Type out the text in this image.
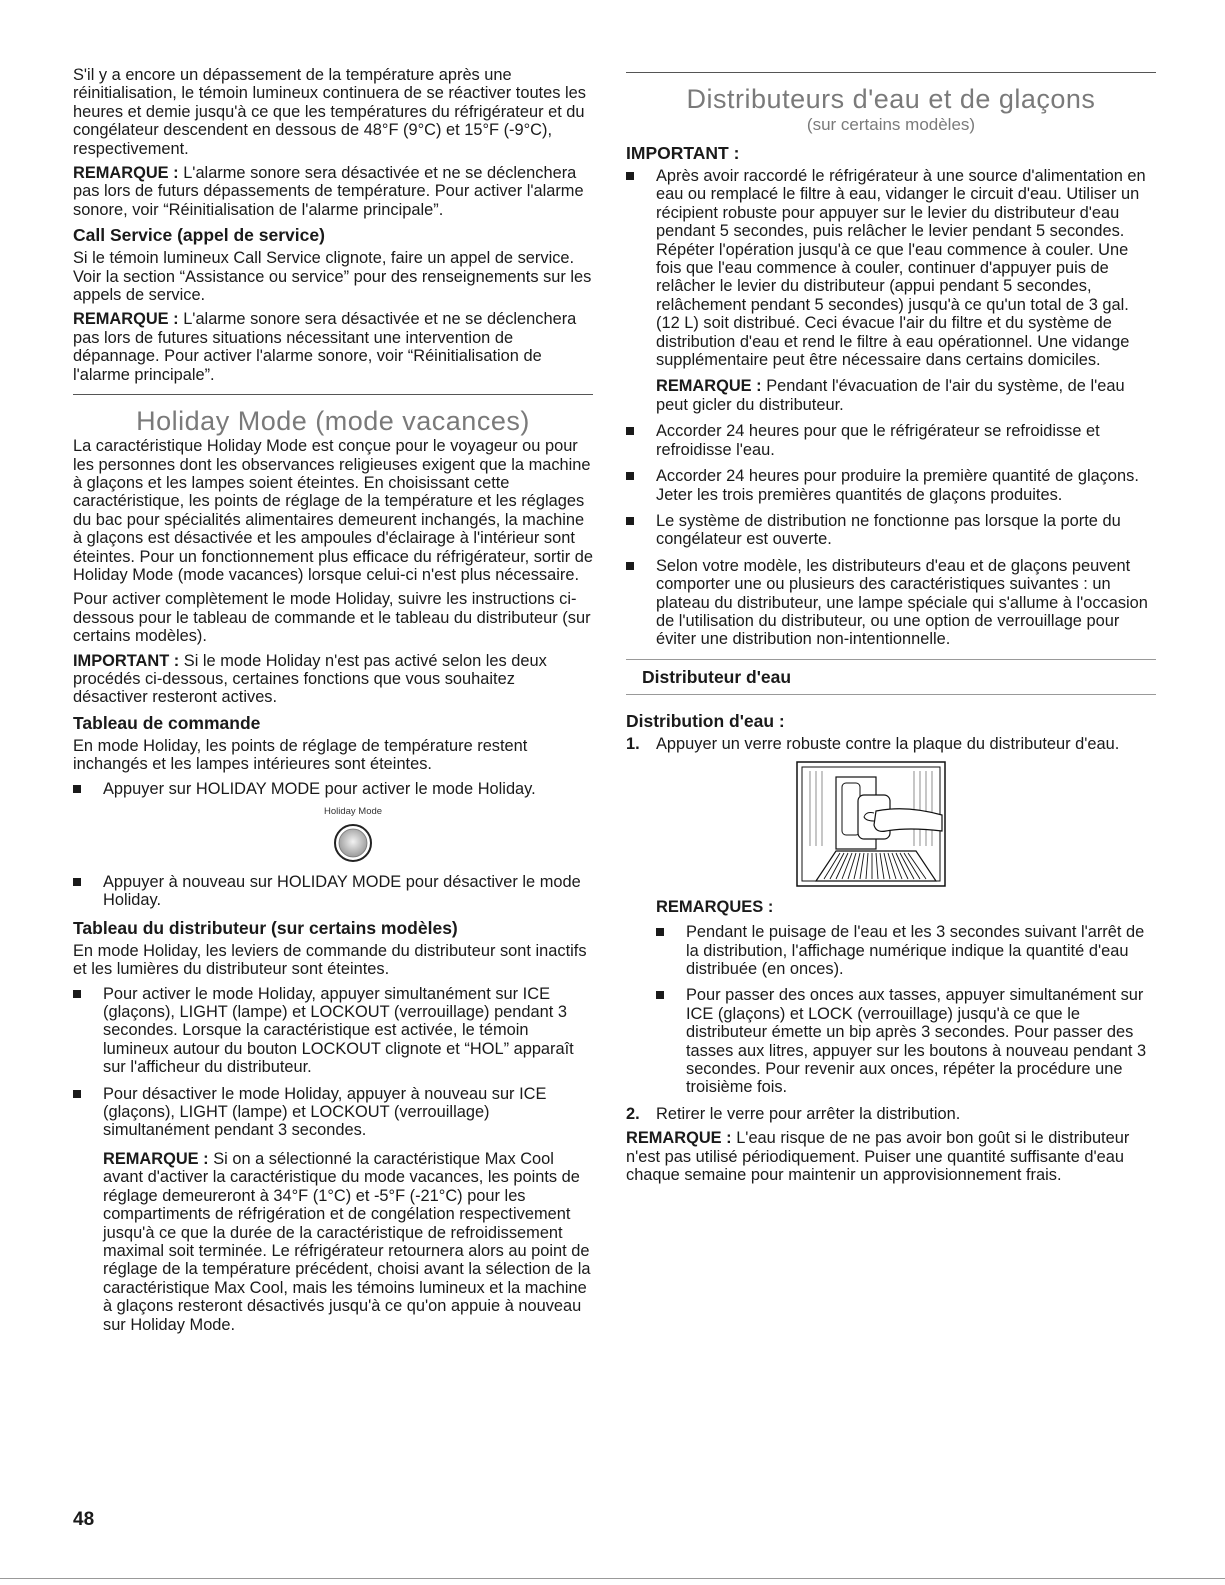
S'il y a encore un dépassement de la température après une réinitialisation, le témoin lumineux continuera de se réactiver toutes les heures et demie jusqu'à ce que les températures du réfrigérateur et du congélateur descendent en dessous de 48°F (9°C) et 15°F (-9°C), respectivement.

REMARQUE : L'alarme sonore sera désactivée et ne se déclenchera pas lors de futurs dépassements de température. Pour activer l'alarme sonore, voir “Réinitialisation de l'alarme principale”.

Call Service (appel de service)

Si le témoin lumineux Call Service clignote, faire un appel de service. Voir la section “Assistance ou service” pour des renseignements sur les appels de service.

REMARQUE : L'alarme sonore sera désactivée et ne se déclenchera pas lors de futures situations nécessitant une intervention de dépannage. Pour activer l'alarme sonore, voir “Réinitialisation de l'alarme principale”.

Holiday Mode (mode vacances)

La caractéristique Holiday Mode est conçue pour le voyageur ou pour les personnes dont les observances religieuses exigent que la machine à glaçons et les lampes soient éteintes. En choisissant cette caractéristique, les points de réglage de la température et les réglages du bac pour spécialités alimentaires demeurent inchangés, la machine à glaçons est désactivée et les ampoules d'éclairage à l'intérieur sont éteintes. Pour un fonctionnement plus efficace du réfrigérateur, sortir de Holiday Mode (mode vacances) lorsque celui-ci n'est plus nécessaire.

Pour activer complètement le mode Holiday, suivre les instructions ci-dessous pour le tableau de commande et le tableau du distributeur (sur certains modèles).

IMPORTANT : Si le mode Holiday n'est pas activé selon les deux procédés ci-dessous, certaines fonctions que vous souhaitez désactiver resteront actives.

Tableau de commande

En mode Holiday, les points de réglage de température restent inchangés et les lampes intérieures sont éteintes.

Appuyer sur HOLIDAY MODE pour activer le mode Holiday.
Holiday Mode
Appuyer à nouveau sur HOLIDAY MODE pour désactiver le mode Holiday.
Tableau du distributeur (sur certains modèles)

En mode Holiday, les leviers de commande du distributeur sont inactifs et les lumières du distributeur sont éteintes.

Pour activer le mode Holiday, appuyer simultanément sur ICE (glaçons), LIGHT (lampe) et LOCKOUT (verrouillage) pendant 3 secondes. Lorsque la caractéristique est activée, le témoin lumineux autour du bouton LOCKOUT clignote et “HOL” apparaît sur l'afficheur du distributeur.
Pour désactiver le mode Holiday, appuyer à nouveau sur ICE (glaçons), LIGHT (lampe) et LOCKOUT (verrouillage) simultanément pendant 3 secondes.
REMARQUE : Si on a sélectionné la caractéristique Max Cool avant d'activer la caractéristique du mode vacances, les points de réglage demeureront à 34°F (1°C) et -5°F (-21°C) pour les compartiments de réfrigération et de congélation respectivement jusqu'à ce que la durée de la caractéristique de refroidissement maximal soit terminée. Le réfrigérateur retournera alors au point de réglage de la température précédent, choisi avant la sélection de la caractéristique Max Cool, mais les témoins lumineux et la machine à glaçons resteront désactivés jusqu'à ce qu'on appuie à nouveau sur Holiday Mode.
Distributeurs d'eau et de glaçons
(sur certains modèles)
IMPORTANT :
Après avoir raccordé le réfrigérateur à une source d'alimentation en eau ou remplacé le filtre à eau, vidanger le circuit d'eau. Utiliser un récipient robuste pour appuyer sur le levier du distributeur d'eau pendant 5 secondes, puis relâcher le levier pendant 5 secondes. Répéter l'opération jusqu'à ce que l'eau commence à couler. Une fois que l'eau commence à couler, continuer d'appuyer puis de relâcher le levier du distributeur (appui pendant 5 secondes, relâchement pendant 5 secondes) jusqu'à ce qu'un total de 3 gal. (12 L) soit distribué. Ceci évacue l'air du filtre et du système de distribution d'eau et rend le filtre à eau opérationnel. Une vidange supplémentaire peut être nécessaire dans certains domiciles.
REMARQUE : Pendant l'évacuation de l'air du système, de l'eau peut gicler du distributeur.
Accorder 24 heures pour que le réfrigérateur se refroidisse et refroidisse l'eau.
Accorder 24 heures pour produire la première quantité de glaçons. Jeter les trois premières quantités de glaçons produites.
Le système de distribution ne fonctionne pas lorsque la porte du congélateur est ouverte.
Selon votre modèle, les distributeurs d'eau et de glaçons peuvent comporter une ou plusieurs des caractéristiques suivantes : un plateau du distributeur, une lampe spéciale qui s'allume à l'occasion de l'utilisation du distributeur, ou une option de verrouillage pour éviter une distribution non-intentionnelle.
Distributeur d'eau
Distribution d'eau :
1. Appuyer un verre robuste contre la plaque du distributeur d'eau.
REMARQUES :
Pendant le puisage de l'eau et les 3 secondes suivant l'arrêt de la distribution, l'affichage numérique indique la quantité d'eau distribuée (en onces).
Pour passer des onces aux tasses, appuyer simultanément sur ICE (glaçons) et LOCK (verrouillage) jusqu'à ce que le distributeur émette un bip après 3 secondes. Pour passer des tasses aux litres, appuyer sur les boutons à nouveau pendant 3 secondes. Pour revenir aux onces, répéter la procédure une troisième fois.
2. Retirer le verre pour arrêter la distribution.

REMARQUE : L'eau risque de ne pas avoir bon goût si le distributeur n'est pas utilisé périodiquement. Puiser une quantité suffisante d'eau chaque semaine pour maintenir un approvisionnement frais.

48
